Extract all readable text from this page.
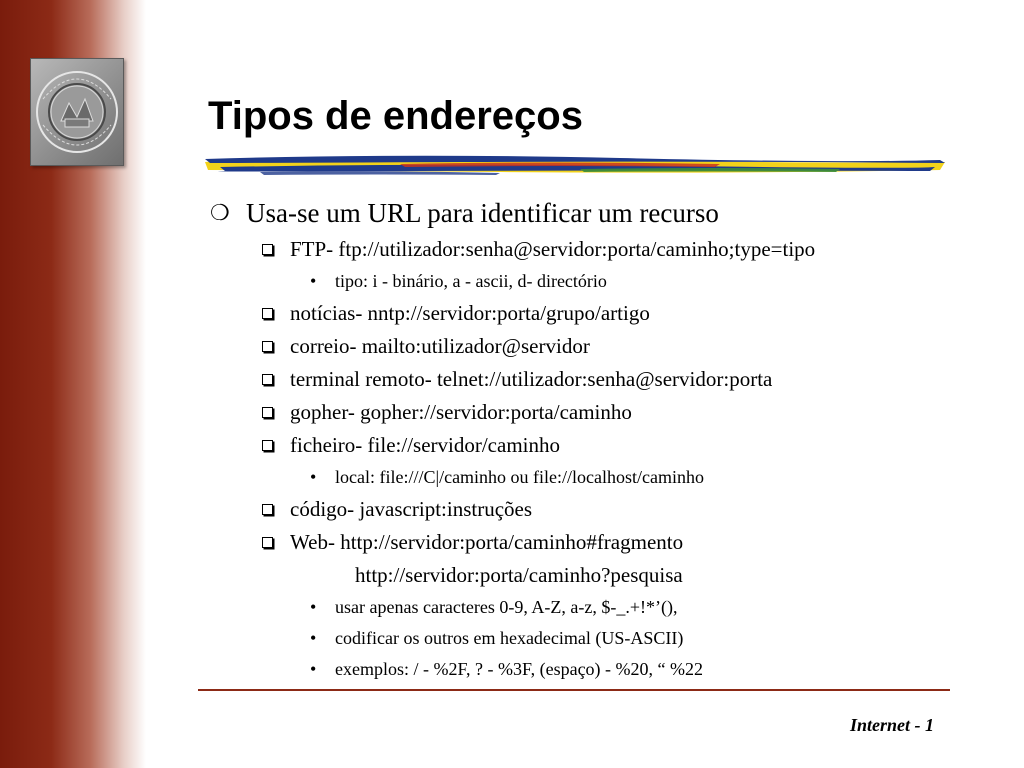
Tipos de endereços
❍ Usa-se um URL para identificar um recurso
FTP- ftp://utilizador:senha@servidor:porta/caminho;type=tipo
• tipo: i - binário, a - ascii, d- directório
notícias- nntp://servidor:porta/grupo/artigo
correio- mailto:utilizador@servidor
terminal remoto- telnet://utilizador:senha@servidor:porta
gopher- gopher://servidor:porta/caminho
ficheiro- file://servidor/caminho
• local: file:///C|/caminho ou file://localhost/caminho
código- javascript:instruções
Web- http://servidor:porta/caminho#fragmento
http://servidor:porta/caminho?pesquisa
• usar apenas caracteres 0-9, A-Z, a-z, $-_.+!*’(),
• codificar os outros em hexadecimal (US-ASCII)
• exemplos: / - %2F, ? - %3F, (espaço) - %20, “ %22
Internet - 1
